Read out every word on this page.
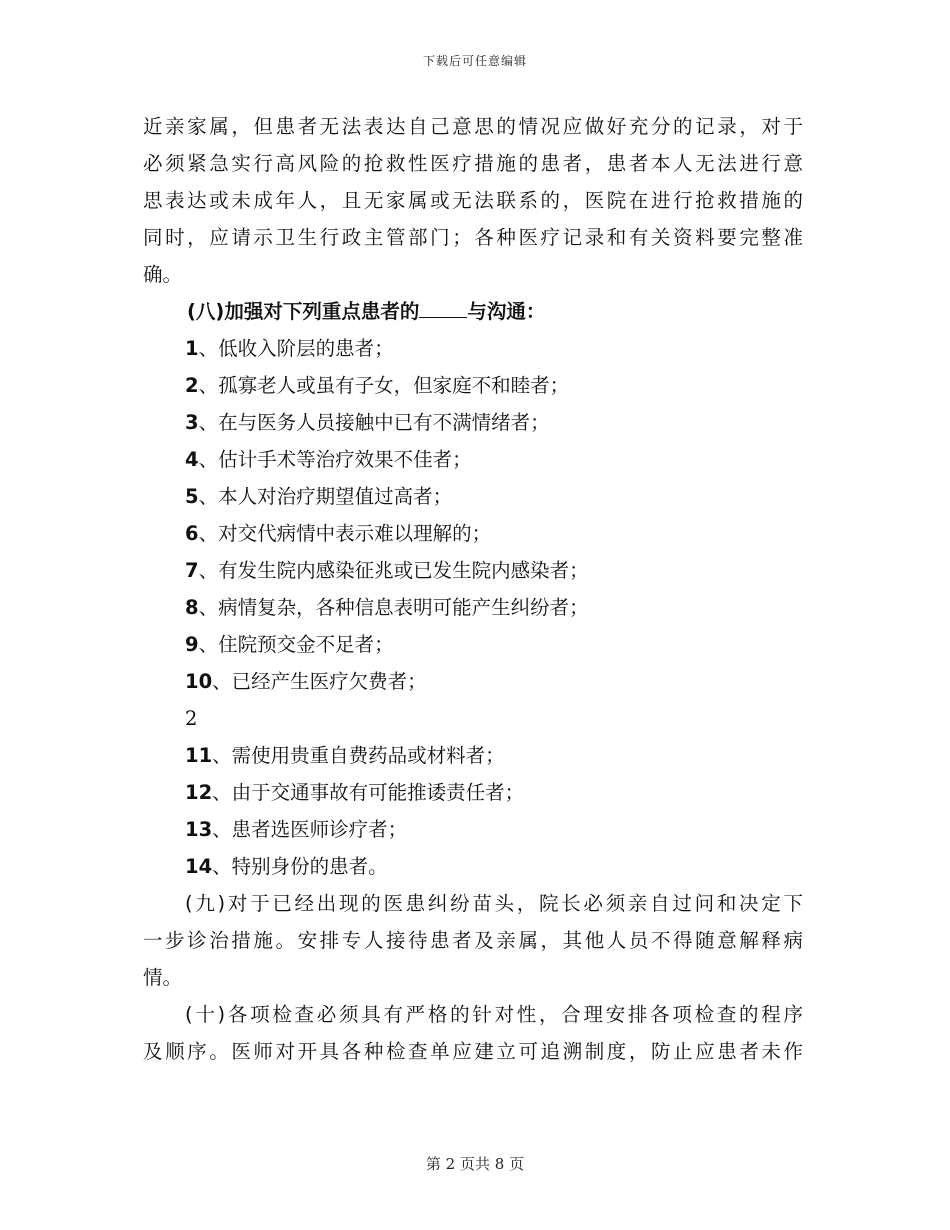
下载后可任意编辑
近亲家属，但患者无法表达自己意思的情况应做好充分的记录，对于
必须紧急实行高风险的抢救性医疗措施的患者，患者本人无法进行意
思表达或未成年人，且无家属或无法联系的，医院在进行抢救措施的
同时，应请示卫生行政主管部门；各种医疗记录和有关资料要完整准
确。
(八)加强对下列重点患者的 与沟通：
1、低收入阶层的患者；
2、孤寡老人或虽有子女，但家庭不和睦者；
3、在与医务人员接触中已有不满情绪者；
4、估计手术等治疗效果不佳者；
5、本人对治疗期望值过高者；
6、对交代病情中表示难以理解的；
7、有发生院内感染征兆或已发生院内感染者；
8、病情复杂，各种信息表明可能产生纠纷者；
9、住院预交金不足者；
10、已经产生医疗欠费者；
2
11、需使用贵重自费药品或材料者；
12、由于交通事故有可能推诿责任者；
13、患者选医师诊疗者；
14、特别身份的患者。
(九)对于已经出现的医患纠纷苗头，院长必须亲自过问和决定下
一步诊治措施。安排专人接待患者及亲属，其他人员不得随意解释病
情。
(十)各项检查必须具有严格的针对性，合理安排各项检查的程序
及顺序。医师对开具各种检查单应建立可追溯制度，防止应患者未作
第 2 页共 8 页
